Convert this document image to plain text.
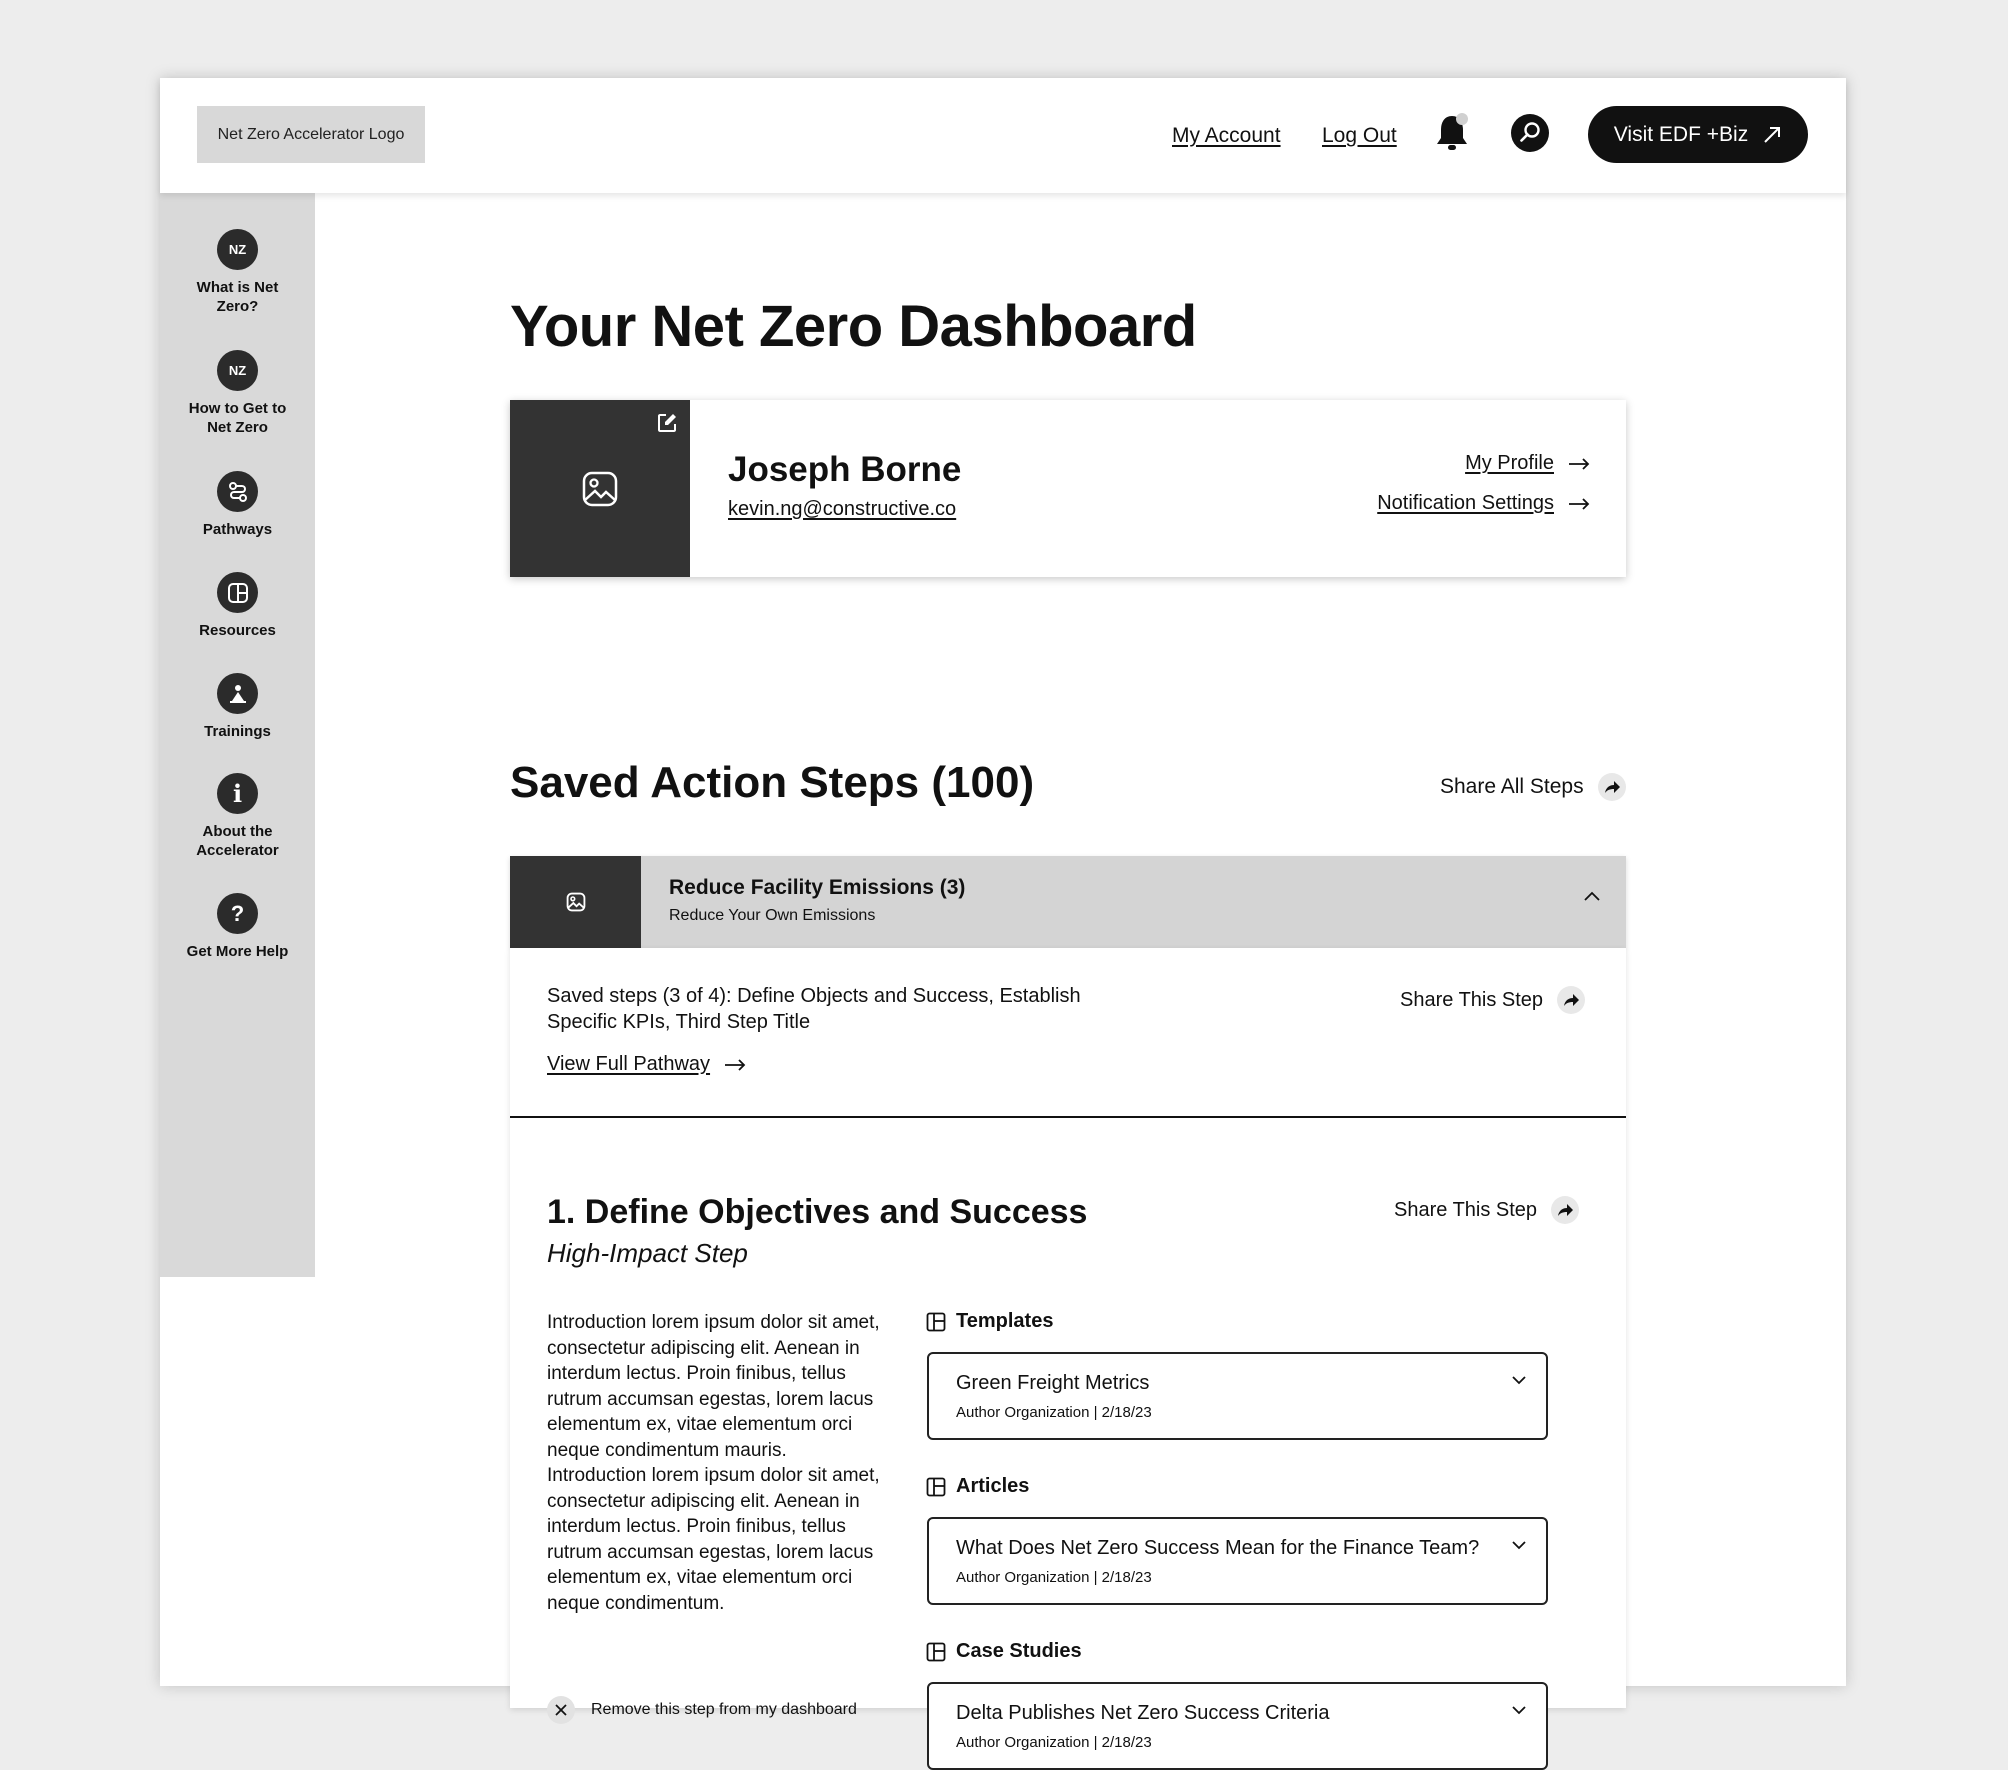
Net Zero Accelerator Logo	My Account Log Out	Visit EDF +Biz
NZ
What is Net Zero?
NZ
How to Get to Net Zero
Pathways
Resources
Trainings
i
About the Accelerator
?
Get More Help
Your Net Zero Dashboard
Joseph Borne
kevin.ng@constructive.co
My Profile
Notification Settings
Saved Action Steps (100)	Share All Steps
Reduce Facility Emissions (3)
Reduce Your Own Emissions
Saved steps (3 of 4): Define Objects and Success, Establish Specific KPIs, Third Step Title
View Full Pathway
Share This Step
1. Define Objectives and Success
High-Impact Step
Share This Step

Introduction lorem ipsum dolor sit amet, consectetur adipiscing elit. Aenean in interdum lectus. Proin finibus, tellus rutrum accumsan egestas, lorem lacus elementum ex, vitae elementum orci neque condimentum mauris. Introduction lorem ipsum dolor sit amet, consectetur adipiscing elit. Aenean in interdum lectus. Proin finibus, tellus rutrum accumsan egestas, lorem lacus elementum ex, vitae elementum orci neque condimentum.

Remove this step from my dashboard
Templates
Green Freight Metrics
Author Organization | 2/18/23
Articles
What Does Net Zero Success Mean for the Finance Team?
Author Organization | 2/18/23
Case Studies
Delta Publishes Net Zero Success Criteria
Author Organization | 2/18/23
